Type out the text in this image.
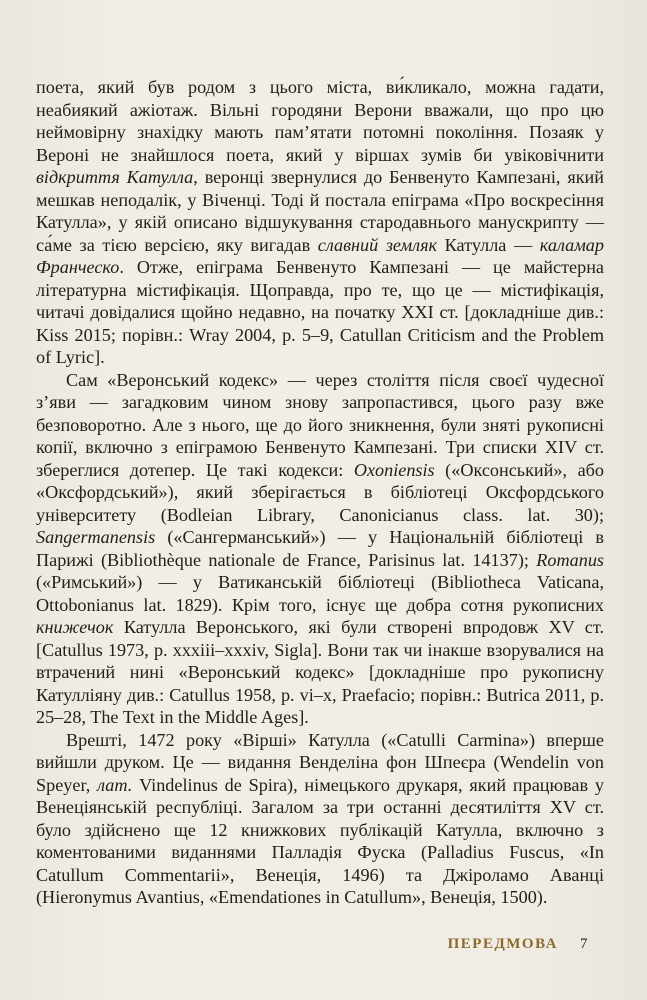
поета, який був родом з цього міста, ви́кликало, можна гадати, неабиякий ажіотаж. Вільні городяни Верони вважали, що про цю неймовірну знахідку мають пам’ятати потомні покоління. Позаяк у Вероні не знайшлося поета, який у віршах зумів би увіковічнити відкриття Катулла, веронці звернулися до Бенвенуто Кампезані, який мешкав неподалік, у Віченці. Тоді й постала епіграма «Про воскресіння Катулла», у якій описано відшукування стародавнього манускрипту — са́ме за тією версією, яку вигадав славний земляк Катулла — каламар Франческо. Отже, епіграма Бенвенуто Кампезані — це майстерна літературна містифікація. Щоправда, про те, що це — містифікація, читачі довідалися щойно недавно, на початку XXI ст. [докладніше див.: Kiss 2015; порівн.: Wray 2004, p. 5–9, Catullan Criticism and the Problem of Lyric].

Сам «Веронський кодекс» — через століття після своєї чудесної з’яви — загадковим чином знову запропастився, цього разу вже безповоротно. Але з нього, ще до його зникнення, були зняті рукописні копії, включно з епіграмою Бенвенуто Кампезані. Три списки XIV ст. збереглися дотепер. Це такі кодекси: Oxoniensis («Оксонський», або «Оксфордський»), який зберігається в бібліотеці Оксфордського університету (Bodleian Library, Canonicianus class. lat. 30); Sangermanensis («Сангерманський») — у Національній бібліотеці в Парижі (Bibliothèque nationale de France, Parisinus lat. 14137); Romanus («Римський») — у Ватиканській бібліотеці (Bibliotheca Vaticana, Ottobonianus lat. 1829). Крім того, існує ще добра сотня рукописних книжечок Катулла Веронського, які були створені впродовж XV ст. [Catullus 1973, p. xxxiii–xxxiv, Sigla]. Вони так чи інакше взорувалися на втрачений нині «Веронський кодекс» [докладніше про рукописну Катулліяну див.: Catullus 1958, p. vi–x, Praefacio; порівн.: Butrica 2011, p. 25–28, The Text in the Middle Ages].

Врешті, 1472 року «Вірші» Катулла («Catulli Carmina») вперше вийшли друком. Це — видання Венделіна фон Шпеєра (Wendelin von Speyer, лат. Vindelinus de Spira), німецького друкаря, який працював у Венеціянській республіці. Загалом за три останні десятиліття XV ст. було здійснено ще 12 книжкових публікацій Катулла, включно з коментованими виданнями Палладія Фуска (Palladius Fuscus, «In Catullum Commentarii», Венеція, 1496) та Джіроламо Аванці (Hieronymus Avantius, «Emendationes in Catullum», Венеція, 1500).

ПЕРЕДМОВА 7
